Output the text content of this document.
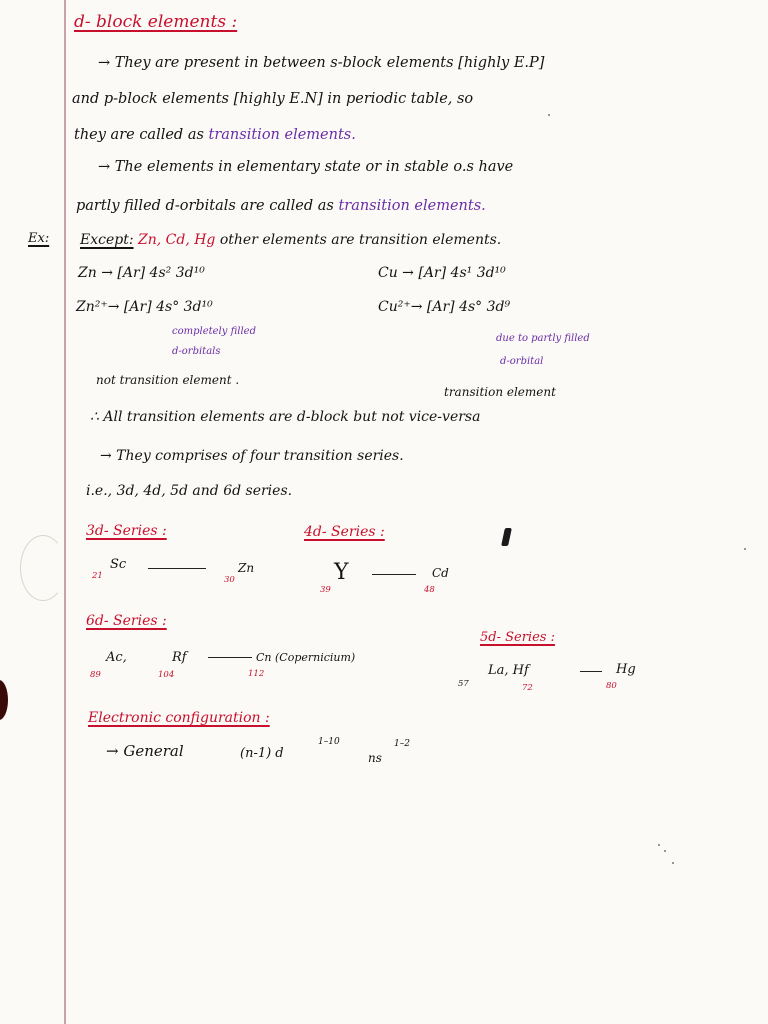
d- block elements :
→ They are present in between s-block elements [highly E.P]
and p-block elements [highly E.N] in periodic table, so
they are called as transition elements.
→ The elements in elementary state or in stable o.s have
partly filled d-orbitals are called as transition elements.
Ex: Except: Zn, Cd, Hg other elements are transition elements.
Zn → [Ar] 4s² 3d¹⁰
Zn²⁺→ [Ar] 4s° 3d¹⁰
completely filled
d-orbitals
not transition element .
Cu → [Ar] 4s¹ 3d¹⁰
Cu²⁺→ [Ar] 4s° 3d⁹
due to partly filled
d-orbital
transition element
∴ All transition elements are d-block but not vice-versa
→ They comprises of four transition series.
i.e., 3d, 4d, 5d and 6d series.
3d- Series :
Sc
21
Zn
30
4d- Series :
Y
39
Cd
48
6d- Series :
Ac,
89
Rf
104
Cn (Copernicium)
112
5d- Series :
La, Hf
57	72
Hg
80
Electronic configuration :
→ General	(n-1) d
1–10
ns
1–2
